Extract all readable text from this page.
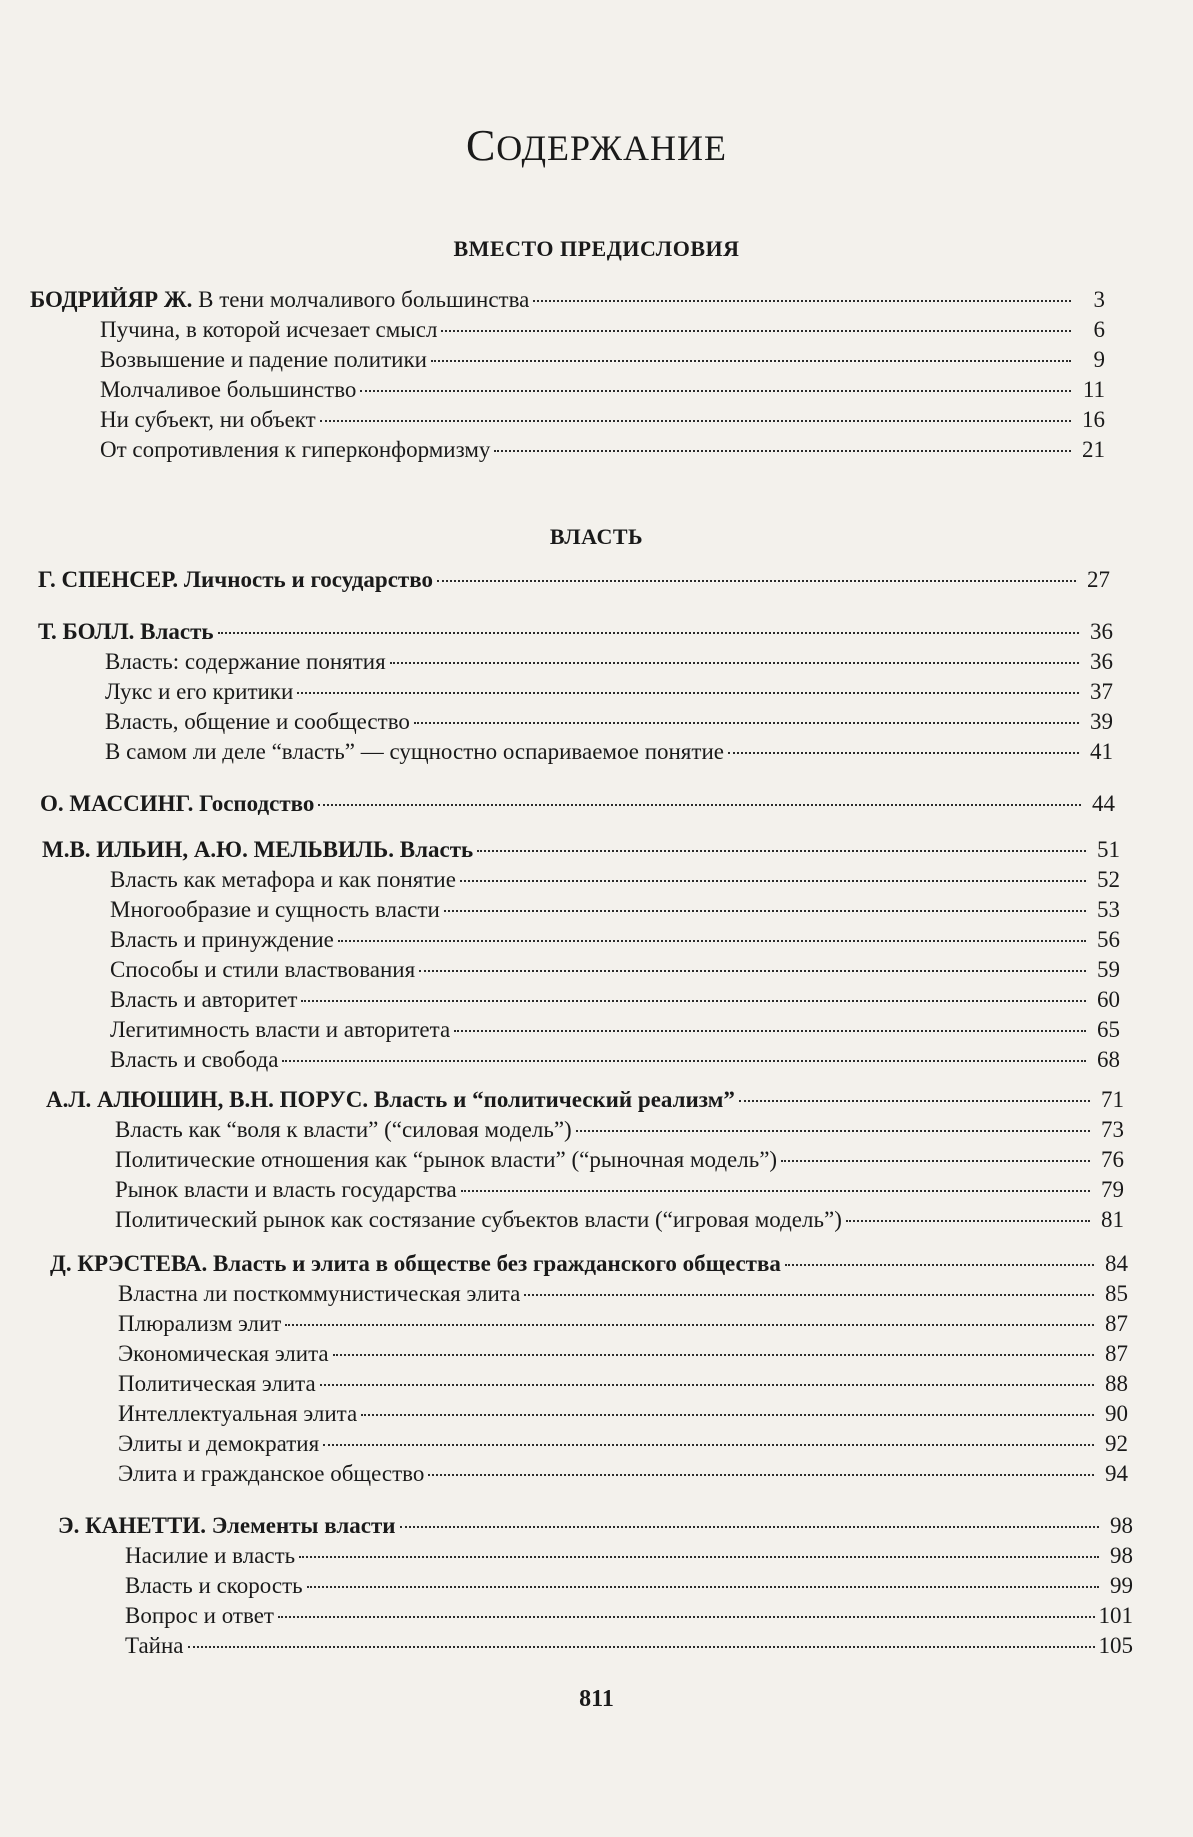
СОДЕРЖАНИЕ
ВМЕСТО ПРЕДИСЛОВИЯ
БОДРИЙЯР Ж. В тени молчаливого большинства	3
Пучина, в которой исчезает смысл	6
Возвышение и падение политики	9
Молчаливое большинство	11
Ни субъект, ни объект	16
От сопротивления к гиперконформизму	21
ВЛАСТЬ
Г. СПЕНСЕР. Личность и государство	27
Т. БОЛЛ. Власть	36
Власть: содержание понятия	36
Лукс и его критики	37
Власть, общение и сообщество	39
В самом ли деле “власть” — сущностно оспариваемое понятие	41
О. МАССИНГ. Господство	44
М.В. ИЛЬИН, А.Ю. МЕЛЬВИЛЬ. Власть	51
Власть как метафора и как понятие	52
Многообразие и сущность власти	53
Власть и принуждение	56
Способы и стили властвования	59
Власть и авторитет	60
Легитимность власти и авторитета	65
Власть и свобода	68
А.Л. АЛЮШИН, В.Н. ПОРУС. Власть и “политический реализм”	71
Власть как “воля к власти” (“силовая модель”)	73
Политические отношения как “рынок власти” (“рыночная модель”)	76
Рынок власти и власть государства	79
Политический рынок как состязание субъектов власти (“игровая модель”)	81
Д. КРЭСТЕВА. Власть и элита в обществе без гражданского общества	84
Властна ли посткоммунистическая элита	85
Плюрализм элит	87
Экономическая элита	87
Политическая элита	88
Интеллектуальная элита	90
Элиты и демократия	92
Элита и гражданское общество	94
Э. КАНЕТТИ. Элементы власти	98
Насилие и власть	98
Власть и скорость	99
Вопрос и ответ	101
Тайна	105
811
